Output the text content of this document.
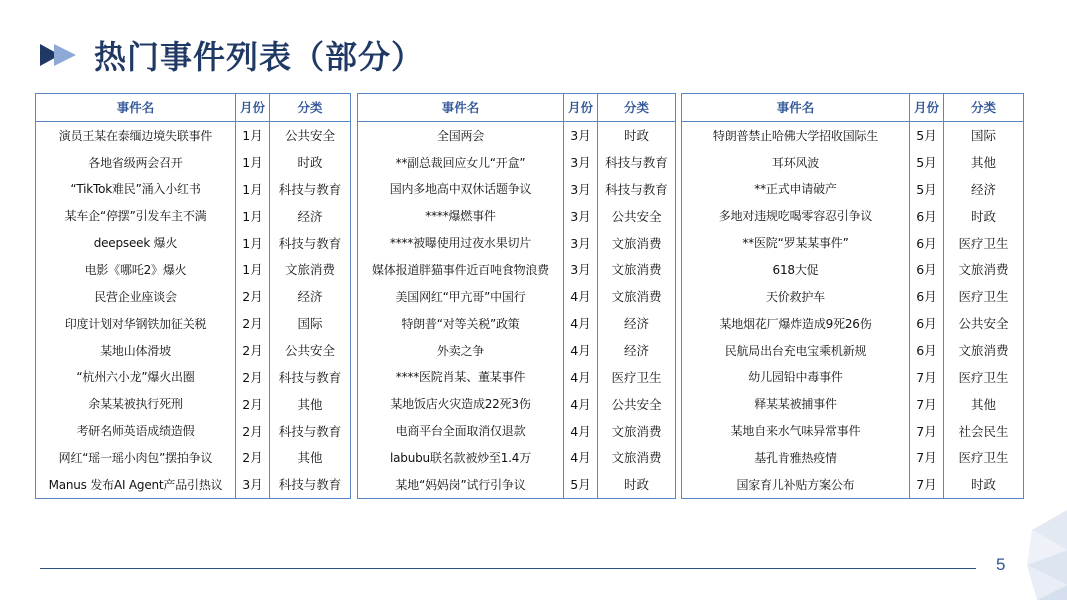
热门事件列表（部分）
事件名	月份	分类
演员王某在泰缅边境失联事件	1月	公共安全
各地省级两会召开	1月	时政
“TikTok难民”涌入小红书	1月	科技与教育
某车企“停摆”引发车主不满	1月	经济
deepseek 爆火	1月	科技与教育
电影《哪吒2》爆火	1月	文旅消费
民营企业座谈会	2月	经济
印度计划对华钢铁加征关税	2月	国际
某地山体滑坡	2月	公共安全
“杭州六小龙”爆火出圈	2月	科技与教育
余某某被执行死刑	2月	其他
考研名师英语成绩造假	2月	科技与教育
网红“瑶一瑶小肉包”摆拍争议	2月	其他
Manus 发布AI Agent产品引热议	3月	科技与教育
事件名	月份	分类
全国两会	3月	时政
**副总裁回应女儿“开盒”	3月	科技与教育
国内多地高中双休话题争议	3月	科技与教育
****爆燃事件	3月	公共安全
****被曝使用过夜水果切片	3月	文旅消费
媒体报道胖猫事件近百吨食物浪费	3月	文旅消费
美国网红“甲亢哥”中国行	4月	文旅消费
特朗普“对等关税”政策	4月	经济
外卖之争	4月	经济
****医院肖某、董某事件	4月	医疗卫生
某地饭店火灾造成22死3伤	4月	公共安全
电商平台全面取消仅退款	4月	文旅消费
labubu联名款被炒至1.4万	4月	文旅消费
某地“妈妈岗”试行引争议	5月	时政
事件名	月份	分类
特朗普禁止哈佛大学招收国际生	5月	国际
耳环风波	5月	其他
**正式申请破产	5月	经济
多地对违规吃喝零容忍引争议	6月	时政
**医院“罗某某事件”	6月	医疗卫生
618大促	6月	文旅消费
天价救护车	6月	医疗卫生
某地烟花厂爆炸造成9死26伤	6月	公共安全
民航局出台充电宝乘机新规	6月	文旅消费
幼儿园铅中毒事件	7月	医疗卫生
释某某被捕事件	7月	其他
某地自来水气味异常事件	7月	社会民生
基孔肯雅热疫情	7月	医疗卫生
国家育儿补贴方案公布	7月	时政
5
